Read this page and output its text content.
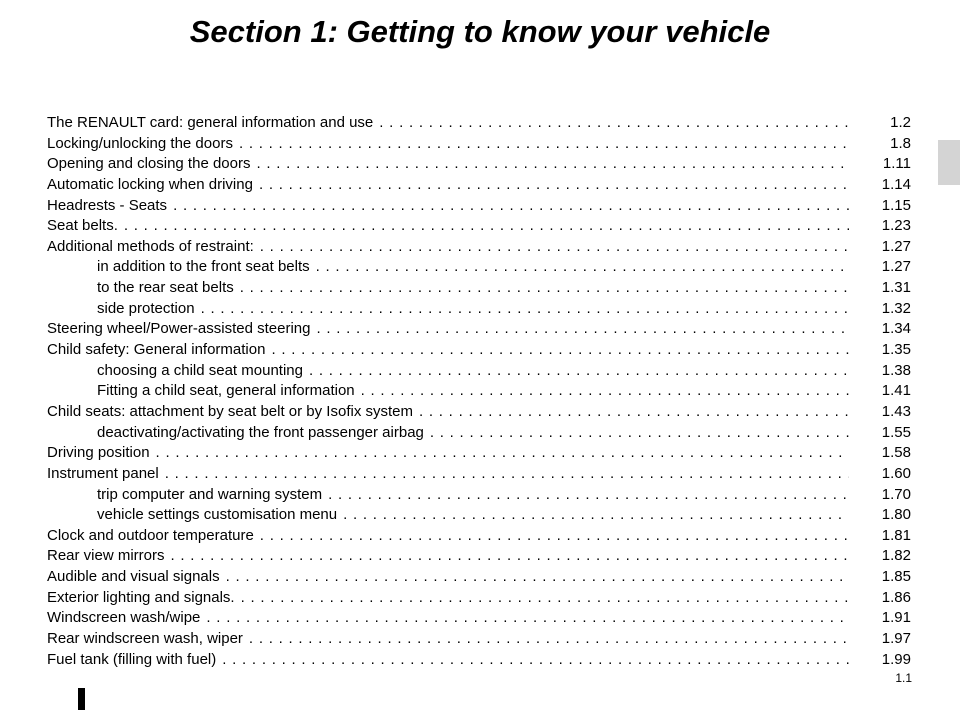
Section 1: Getting to know your vehicle
The RENAULT card: general information and use . . .	1.2
Locking/unlocking the doors . . .	1.8
Opening and closing the doors . . .	1.11
Automatic locking when driving . . .	1.14
Headrests - Seats . . .	1.15
Seat belts. . . .	1.23
Additional methods of restraint: . . .	1.27
in addition to the front seat belts . . .	1.27
to the rear seat belts . . .	1.31
side protection . . .	1.32
Steering wheel/Power-assisted steering . . .	1.34
Child safety: General information . . .	1.35
choosing a child seat mounting . . .	1.38
Fitting a child seat, general information . . .	1.41
Child seats: attachment by seat belt or by Isofix system . . .	1.43
deactivating/activating the front passenger airbag . . .	1.55
Driving position . . .	1.58
Instrument panel . . .	1.60
trip computer and warning system . . .	1.70
vehicle settings customisation menu . . .	1.80
Clock and outdoor temperature . . .	1.81
Rear view mirrors . . .	1.82
Audible and visual signals . . .	1.85
Exterior lighting and signals. . . .	1.86
Windscreen wash/wipe . . .	1.91
Rear windscreen wash, wiper . . .	1.97
Fuel tank (filling with fuel) . . .	1.99
1.1
